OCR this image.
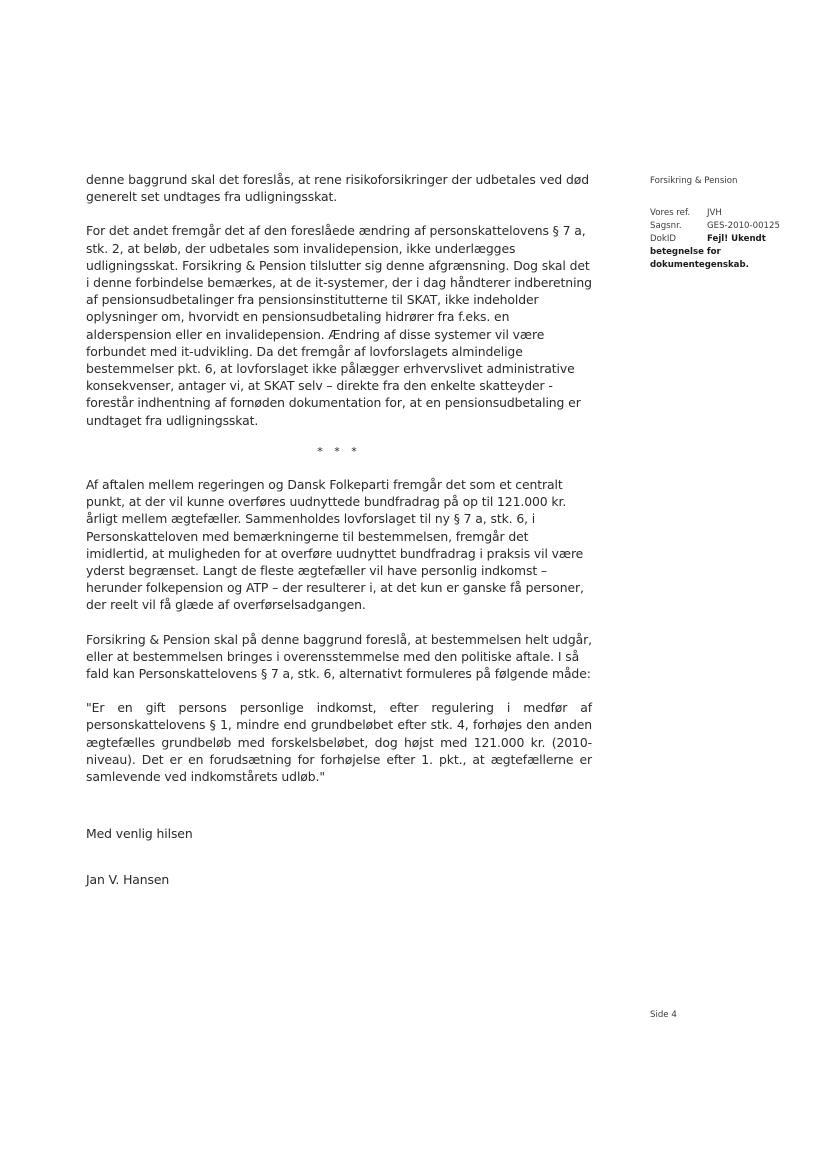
denne baggrund skal det foreslås, at rene risikoforsikringer der udbetales ved død generelt set undtages fra udligningsskat.

For det andet fremgår det af den foreslåede ændring af personskattelovens § 7 a, stk. 2, at beløb, der udbetales som invalidepension, ikke underlægges udligningsskat. Forsikring & Pension tilslutter sig denne afgrænsning. Dog skal det i denne forbindelse bemærkes, at de it-systemer, der i dag håndterer indberetning af pensionsudbetalinger fra pensionsinstitutterne til SKAT, ikke indeholder oplysninger om, hvorvidt en pensionsudbetaling hidrører fra f.eks. en alderspension eller en invalidepension. Ændring af disse systemer vil være forbundet med it-udvikling. Da det fremgår af lovforslagets almindelige bestemmelser pkt. 6, at lovforslaget ikke pålægger erhvervslivet administrative konsekvenser, antager vi, at SKAT selv – direkte fra den enkelte skatteyder - forestår indhentning af fornøden dokumentation for, at en pensionsudbetaling er undtaget fra udligningsskat.

* * *

Af aftalen mellem regeringen og Dansk Folkeparti fremgår det som et centralt punkt, at der vil kunne overføres uudnyttede bundfradrag på op til 121.000 kr. årligt mellem ægtefæller. Sammenholdes lovforslaget til ny § 7 a, stk. 6, i Personskatteloven med bemærkningerne til bestemmelsen, fremgår det imidlertid, at muligheden for at overføre uudnyttet bundfradrag i praksis vil være yderst begrænset. Langt de fleste ægtefæller vil have personlig indkomst – herunder folkepension og ATP – der resulterer i, at det kun er ganske få personer, der reelt vil få glæde af overførselsadgangen.

Forsikring & Pension skal på denne baggrund foreslå, at bestemmelsen helt udgår, eller at bestemmelsen bringes i overensstemmelse med den politiske aftale. I så fald kan Personskattelovens § 7 a, stk. 6, alternativt formuleres på følgende måde:

"Er en gift persons personlige indkomst, efter regulering i medfør af personskattelovens § 1, mindre end grundbeløbet efter stk. 4, forhøjes den anden ægtefælles grundbeløb med forskelsbeløbet, dog højst med 121.000 kr. (2010-niveau). Det er en forudsætning for forhøjelse efter 1. pkt., at ægtefællerne er samlevende ved indkomstårets udløb."

Med venlig hilsen

Jan V. Hansen

Forsikring & Pension
Vores ref.	JVH
Sagsnr.	GES-2010-00125
DokID	Fejl! Ukendt
betegnelse for
dokumentegenskab.
Side 4
